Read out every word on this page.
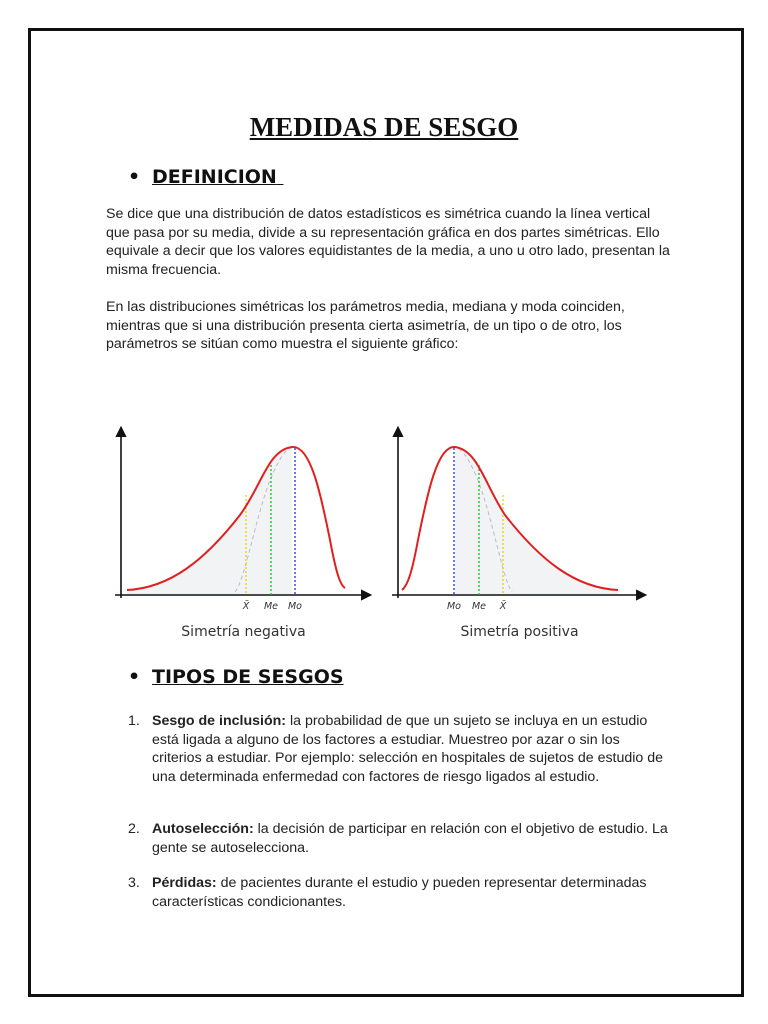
MEDIDAS DE SESGO
• DEFINICION

Se dice que una distribución de datos estadísticos es simétrica cuando la línea vertical que pasa por su media, divide a su representación gráfica en dos partes simétricas. Ello equivale a decir que los valores equidistantes de la media, a uno u otro lado, presentan la misma frecuencia.

En las distribuciones simétricas los parámetros media, mediana y moda coinciden, mientras que si una distribución presenta cierta asimetría, de un tipo o de otro, los parámetros se sitúan como muestra el siguiente gráfico:

X̄ Me Mo
Simetría negativa
Mo Me X̄
Simetría positiva
• TIPOS DE SESGOS
1. Sesgo de inclusión: la probabilidad de que un sujeto se incluya en un estudio está ligada a alguno de los factores a estudiar. Muestreo por azar o sin los criterios a estudiar. Por ejemplo: selección en hospitales de sujetos de estudio de una determinada enfermedad con factores de riesgo ligados al estudio.
2. Autoselección: la decisión de participar en relación con el objetivo de estudio. La gente se autoselecciona.
3. Pérdidas: de pacientes durante el estudio y pueden representar determinadas características condicionantes.
